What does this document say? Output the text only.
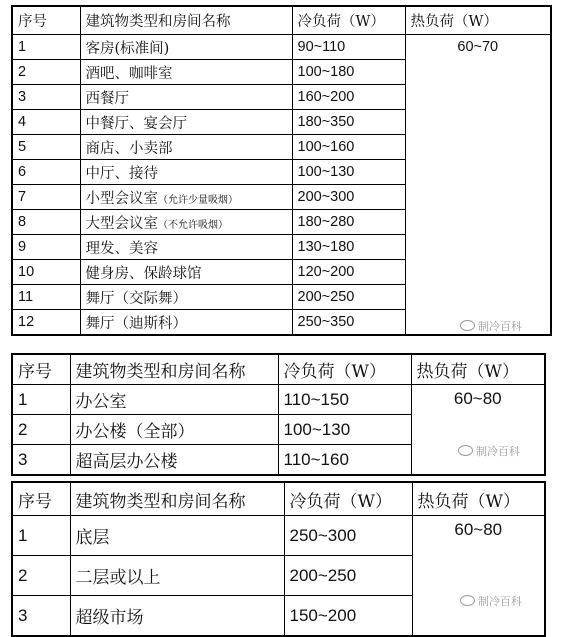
序号	建筑物类型和房间名称	冷负荷（W）	热负荷（W）
1	客房(标准间)	90~110	60~70
2	酒吧、咖啡室	100~180	
3	西餐厅	160~200	
4	中餐厅、宴会厅	180~350	
5	商店、小卖部	100~160	
6	中厅、接待	100~130	
7	小型会议室（允许少量吸烟）	200~300	
8	大型会议室（不允许吸烟）	180~280	
9	理发、美容	130~180	
10	健身房、保龄球馆	120~200	
11	舞厅（交际舞）	200~250	
12	舞厅（迪斯科）	250~350	
序号	建筑物类型和房间名称	冷负荷（W）	热负荷（W）
1	办公室	110~150	60~80
2	办公楼（全部）	100~130	
3	超高层办公楼	110~160	
序号	建筑物类型和房间名称	冷负荷（W）	热负荷（W）
1	底层	250~300	60~80
2	二层或以上	200~250	
3	超级市场	150~200	
制冷百科
制冷百科
制冷百科
